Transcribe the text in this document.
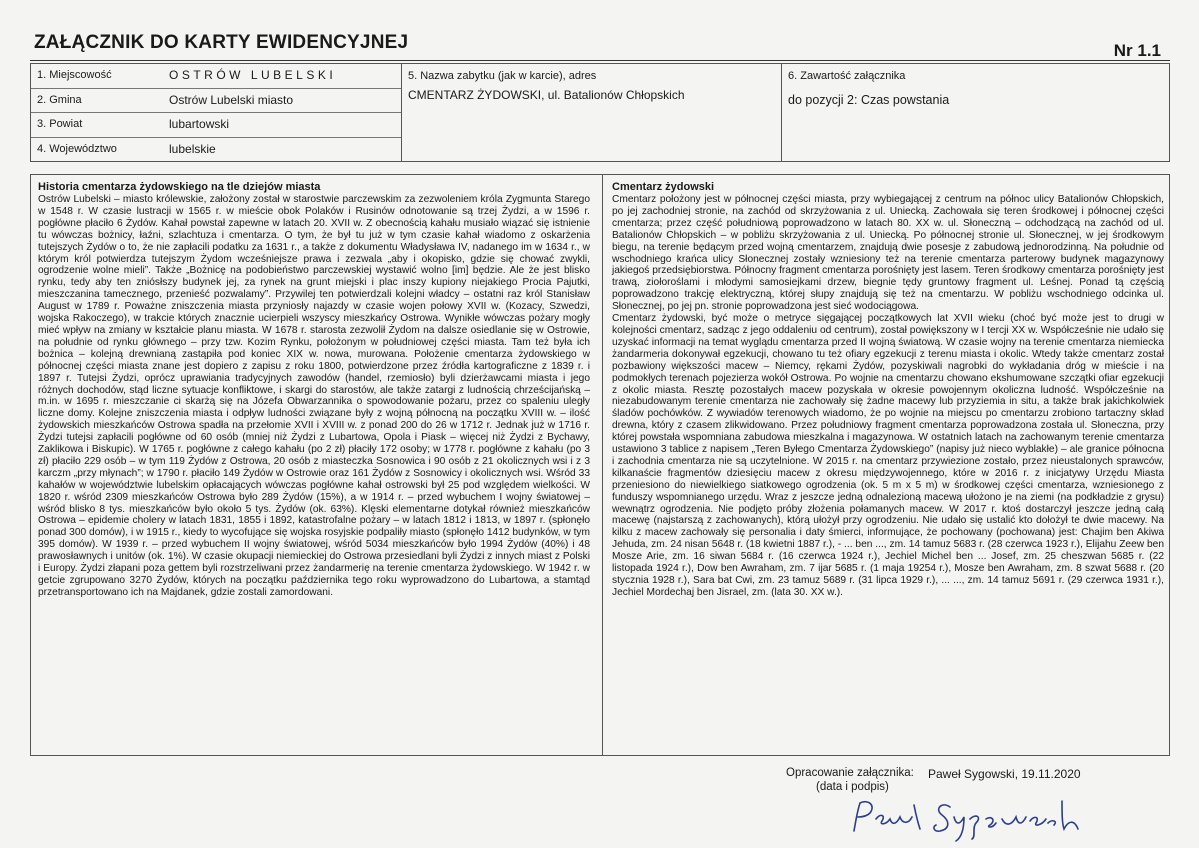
ZAŁĄCZNIK DO KARTY EWIDENCYJNEJ	Nr 1.1
1. Miejscowość	OSTRÓW LUBELSKI
2. Gmina	Ostrów Lubelski miasto
3. Powiat	lubartowski
4. Województwo	lubelskie
5. Nazwa zabytku (jak w karcie), adres
CMENTARZ ŻYDOWSKI, ul. Batalionów Chłopskich
6. Zawartość załącznika
do pozycji 2: Czas powstania
Historia cmentarza żydowskiego na tle dziejów miasta

Ostrów Lubelski – miasto królewskie, założony został w starostwie parczewskim za zezwoleniem króla Zygmunta Starego w 1548 r. W czasie lustracji w 1565 r. w mieście obok Polaków i Rusinów odnotowanie są trzej Żydzi, a w 1596 r. pogłówne płaciło 6 Żydów. Kahał powstał zapewne w latach 20. XVII w. Z obecnością kahału musiało wiązać się istnienie tu wówczas bożnicy, łaźni, szlachtuza i cmentarza. O tym, że był tu już w tym czasie kahał wiadomo z oskarżenia tutejszych Żydów o to, że nie zapłacili podatku za 1631 r., a także z dokumentu Władysława IV, nadanego im w 1634 r., w którym król potwierdza tutejszym Żydom wcześniejsze prawa i zezwala „aby i okopisko, gdzie się chować zwykli, ogrodzenie wolne mieli”. Także „Bożnicę na podobieństwo parczewskiej wystawić wolno [im] będzie. Ale że jest blisko rynku, tedy aby ten zniósłszy budynek jej, za rynek na grunt miejski i plac inszy kupiony niejakiego Procia Pajutki, mieszczanina tamecznego, przenieść pozwalamy”. Przywilej ten potwierdzali kolejni władcy – ostatni raz król Stanisław August w 1789 r. Poważne zniszczenia miasta przyniosły najazdy w czasie wojen połowy XVII w. (Kozacy, Szwedzi, wojska Rakoczego), w trakcie których znacznie ucierpieli wszyscy mieszkańcy Ostrowa. Wynikłe wówczas pożary mogły mieć wpływ na zmiany w kształcie planu miasta. W 1678 r. starosta zezwolił Żydom na dalsze osiedlanie się w Ostrowie, na południe od rynku głównego – przy tzw. Kozim Rynku, położonym w południowej części miasta. Tam też była ich bożnica – kolejną drewnianą zastąpiła pod koniec XIX w. nowa, murowana. Położenie cmentarza żydowskiego w północnej części miasta znane jest dopiero z zapisu z roku 1800, potwierdzone przez źródła kartograficzne z 1839 r. i 1897 r. Tutejsi Żydzi, oprócz uprawiania tradycyjnych zawodów (handel, rzemiosło) byli dzierżawcami miasta i jego różnych dochodów, stąd liczne sytuacje konfliktowe, i skargi do starostów, ale także zatargi z ludnością chrześcijańską – m.in. w 1695 r. mieszczanie ci skarżą się na Józefa Obwarzannika o spowodowanie pożaru, przez co spaleniu uległy liczne domy. Kolejne zniszczenia miasta i odpływ ludności związane były z wojną północną na początku XVIII w. – ilość żydowskich mieszkańców Ostrowa spadła na przełomie XVII i XVIII w. z ponad 200 do 26 w 1712 r. Jednak już w 1716 r. Żydzi tutejsi zapłacili pogłówne od 60 osób (mniej niż Żydzi z Lubartowa, Opola i Piask – więcej niż Żydzi z Bychawy, Zaklikowa i Biskupic). W 1765 r. pogłówne z całego kahału (po 2 zł) płaciły 172 osoby; w 1778 r. pogłówne z kahału (po 3 zł) płaciło 229 osób – w tym 119 Żydów z Ostrowa, 20 osób z miasteczka Sosnowica i 90 osób z 21 okolicznych wsi i z 3 karczm „przy młynach”; w 1790 r. płaciło 149 Żydów w Ostrowie oraz 161 Żydów z Sosnowicy i okolicznych wsi. Wśród 33 kahałów w województwie lubelskim opłacających wówczas pogłówne kahał ostrowski był 25 pod względem wielkości. W 1820 r. wśród 2309 mieszkańców Ostrowa było 289 Żydów (15%), a w 1914 r. – przed wybuchem I wojny światowej – wśród blisko 8 tys. mieszkańców było około 5 tys. Żydów (ok. 63%). Klęski elementarne dotykał również mieszkańców Ostrowa – epidemie cholery w latach 1831, 1855 i 1892, katastrofalne pożary – w latach 1812 i 1813, w 1897 r. (spłonęło ponad 300 domów), i w 1915 r., kiedy to wycofujące się wojska rosyjskie podpaliły miasto (spłonęło 1412 budynków, w tym 395 domów). W 1939 r. – przed wybuchem II wojny światowej, wśród 5034 mieszkańców było 1994 Żydów (40%) i 48 prawosławnych i unitów (ok. 1%). W czasie okupacji niemieckiej do Ostrowa przesiedlani byli Żydzi z innych miast z Polski i Europy. Żydzi złapani poza gettem byli rozstrzeliwani przez żandarmerię na terenie cmentarza żydowskiego. W 1942 r. w getcie zgrupowano 3270 Żydów, których na początku października tego roku wyprowadzono do Lubartowa, a stamtąd przetransportowano ich na Majdanek, gdzie zostali zamordowani.

Cmentarz żydowski

Cmentarz położony jest w północnej części miasta, przy wybiegającej z centrum na północ ulicy Batalionów Chłopskich, po jej zachodniej stronie, na zachód od skrzyżowania z ul. Uniecką. Zachowała się teren środkowej i północnej części cmentarza; przez część południową poprowadzono w latach 80. XX w. ul. Słoneczną – odchodzącą na zachód od ul. Batalionów Chłopskich – w pobliżu skrzyżowania z ul. Uniecką. Po północnej stronie ul. Słonecznej, w jej środkowym biegu, na terenie będącym przed wojną cmentarzem, znajdują dwie posesje z zabudową jednorodzinną. Na południe od wschodniego krańca ulicy Słonecznej zostały wzniesiony też na terenie cmentarza parterowy budynek magazynowy jakiegoś przedsiębiorstwa. Północny fragment cmentarza porośnięty jest lasem. Teren środkowy cmentarza porośnięty jest trawą, ziołoroślami i młodymi samosiejkami drzew, biegnie tędy gruntowy fragment ul. Leśnej. Ponad tą częścią poprowadzono trakcję elektryczną, której słupy znajdują się też na cmentarzu. W pobliżu wschodniego odcinka ul. Słonecznej, po jej pn. stronie poprowadzona jest sieć wodociągowa.

Cmentarz żydowski, być może o metryce sięgającej początkowych lat XVII wieku (choć być może jest to drugi w kolejności cmentarz, sadząc z jego oddaleniu od centrum), został powiększony w I tercji XX w. Współcześnie nie udało się uzyskać informacji na temat wyglądu cmentarza przed II wojną światową. W czasie wojny na terenie cmentarza niemiecka żandarmeria dokonywał egzekucji, chowano tu też ofiary egzekucji z terenu miasta i okolic. Wtedy także cmentarz został pozbawiony większości macew – Niemcy, rękami Żydów, pozyskiwali nagrobki do wykładania dróg w mieście i na podmokłych terenach pojezierza wokół Ostrowa. Po wojnie na cmentarzu chowano ekshumowane szczątki ofiar egzekucji z okolic miasta. Resztę pozostałych macew pozyskała w okresie powojennym okoliczna ludność. Współcześnie na niezabudowanym terenie cmentarza nie zachowały się żadne macewy lub przyziemia in situ, a także brak jakichkolwiek śladów pochówków. Z wywiadów terenowych wiadomo, że po wojnie na miejscu po cmentarzu zrobiono tartaczny skład drewna, który z czasem zlikwidowano. Przez południowy fragment cmentarza poprowadzona została ul. Słoneczna, przy której powstała wspomniana zabudowa mieszkalna i magazynowa. W ostatnich latach na zachowanym terenie cmentarza ustawiono 3 tablice z napisem „Teren Byłego Cmentarza Żydowskiego” (napisy już nieco wyblakłe) – ale granice północna i zachodnia cmentarza nie są uczytelnione. W 2015 r. na cmentarz przywiezione zostało, przez nieustalonych sprawców, kilkanaście fragmentów dziesięciu macew z okresu międzywojennego, które w 2016 r. z inicjatywy Urzędu Miasta przeniesiono do niewielkiego siatkowego ogrodzenia (ok. 5 m x 5 m) w środkowej części cmentarza, wzniesionego z funduszy wspomnianego urzędu. Wraz z jeszcze jedną odnalezioną macewą ułożono je na ziemi (na podkładzie z grysu) wewnątrz ogrodzenia. Nie podjęto próby złożenia połamanych macew. W 2017 r. ktoś dostarczył jeszcze jedną całą macewę (najstarszą z zachowanych), którą ułożył przy ogrodzeniu. Nie udało się ustalić kto dołożył te dwie macewy. Na kilku z macew zachowały się personalia i daty śmierci, informujące, że pochowany (pochowana) jest: Chajim ben Akiwa Jehuda, zm. 24 nisan 5648 r. (18 kwietni 1887 r.), - ... ben ..., zm. 14 tamuz 5683 r. (28 czerwca 1923 r.), Elijahu Zeew ben Mosze Arie, zm. 16 siwan 5684 r. (16 czerwca 1924 r.), Jechiel Michel ben ... Josef, zm. 25 cheszwan 5685 r. (22 listopada 1924 r.), Dow ben Awraham, zm. 7 ijar 5685 r. (1 maja 19254 r.), Mosze ben Awraham, zm. 8 szwat 5688 r. (20 stycznia 1928 r.), Sara bat Cwi, zm. 23 tamuz 5689 r. (31 lipca 1929 r.), ... ..., zm. 14 tamuz 5691 r. (29 czerwca 1931 r.), Jechiel Mordechaj ben Jisrael, zm. (lata 30. XX w.).

Opracowanie załącznika:
(data i podpis)
Paweł Sygowski, 19.11.2020
